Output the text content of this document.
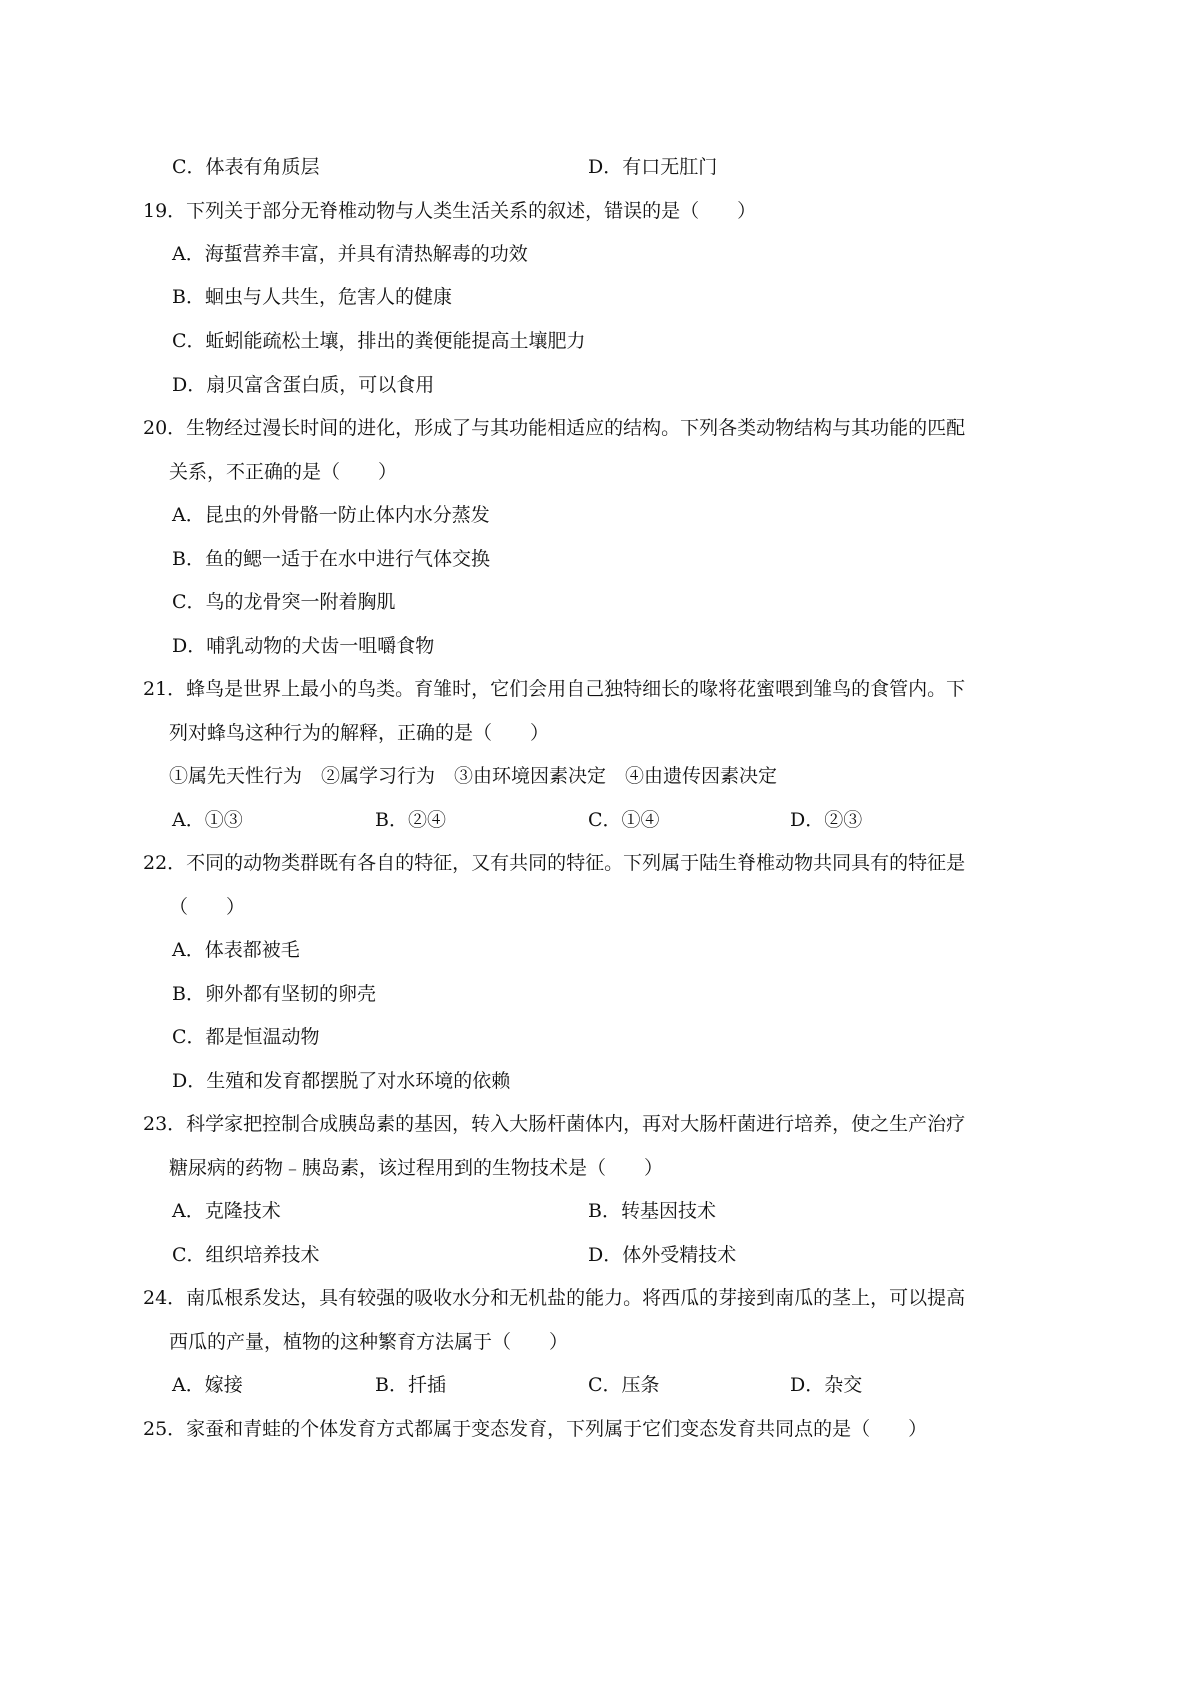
C．体表有角质层	D．有口无肛门
19．下列关于部分无脊椎动物与人类生活关系的叙述，错误的是（　　）
A．海蜇营养丰富，并具有清热解毒的功效
B．蛔虫与人共生，危害人的健康
C．蚯蚓能疏松土壤，排出的粪便能提高土壤肥力
D．扇贝富含蛋白质，可以食用
20．生物经过漫长时间的进化，形成了与其功能相适应的结构。下列各类动物结构与其功能的匹配
关系，不正确的是（　　）
A．昆虫的外骨骼一防止体内水分蒸发
B．鱼的鳃一适于在水中进行气体交换
C．鸟的龙骨突一附着胸肌
D．哺乳动物的犬齿一咀嚼食物
21．蜂鸟是世界上最小的鸟类。育雏时，它们会用自己独特细长的喙将花蜜喂到雏鸟的食管内。下
列对蜂鸟这种行为的解释，正确的是（　　）
①属先天性行为　②属学习行为　③由环境因素决定　④由遗传因素决定
A．①③	B．②④	C．①④	D．②③
22．不同的动物类群既有各自的特征，又有共同的特征。下列属于陆生脊椎动物共同具有的特征是
（　　）
A．体表都被毛
B．卵外都有坚韧的卵壳
C．都是恒温动物
D．生殖和发育都摆脱了对水环境的依赖
23．科学家把控制合成胰岛素的基因，转入大肠杆菌体内，再对大肠杆菌进行培养，使之生产治疗
糖尿病的药物﹣胰岛素，该过程用到的生物技术是（　　）
A．克隆技术	B．转基因技术
C．组织培养技术	D．体外受精技术
24．南瓜根系发达，具有较强的吸收水分和无机盐的能力。将西瓜的芽接到南瓜的茎上，可以提高
西瓜的产量，植物的这种繁育方法属于（　　）
A．嫁接	B．扦插	C．压条	D．杂交
25．家蚕和青蛙的个体发育方式都属于变态发育，下列属于它们变态发育共同点的是（　　）
